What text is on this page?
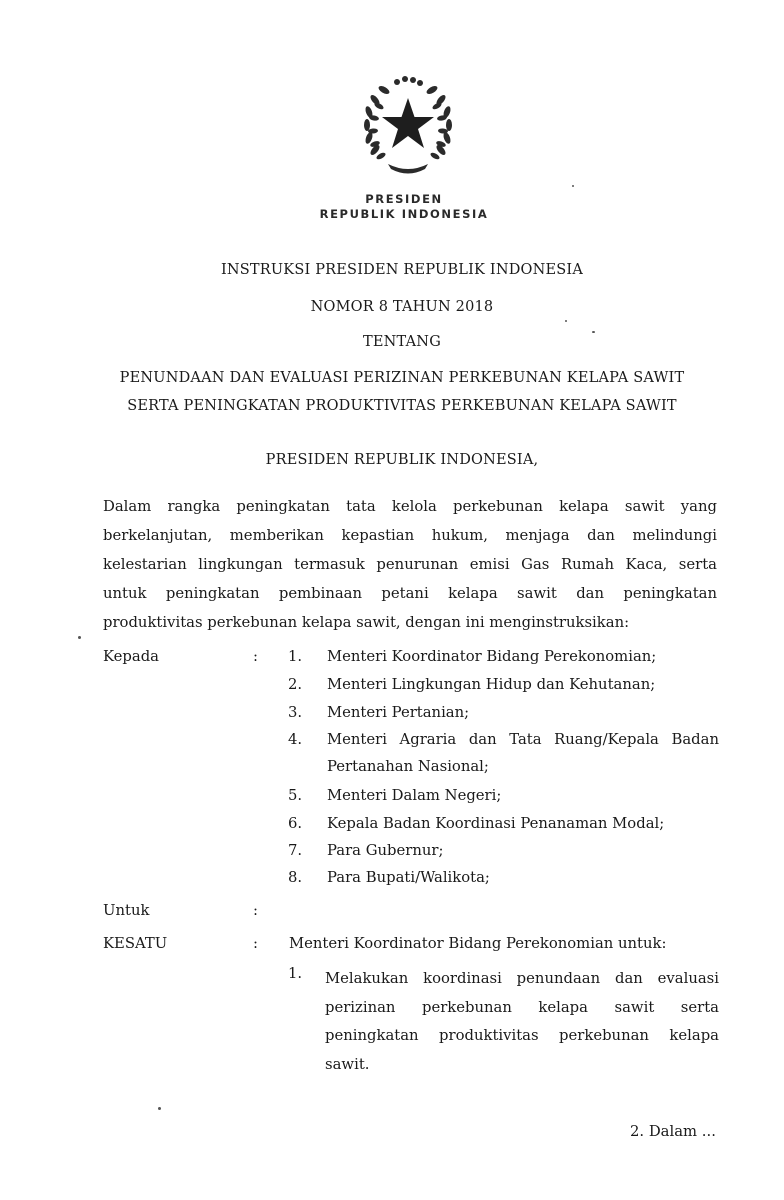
PRESIDEN
REPUBLIK INDONESIA
INSTRUKSI PRESIDEN REPUBLIK INDONESIA
NOMOR 8 TAHUN 2018
TENTANG
PENUNDAAN DAN EVALUASI PERIZINAN PERKEBUNAN KELAPA SAWIT
SERTA PENINGKATAN PRODUKTIVITAS PERKEBUNAN KELAPA SAWIT
PRESIDEN REPUBLIK INDONESIA,
Dalam rangka peningkatan tata kelola perkebunan kelapa sawit yang
berkelanjutan, memberikan kepastian hukum, menjaga dan melindungi
kelestarian lingkungan termasuk penurunan emisi Gas Rumah Kaca, serta
untuk peningkatan pembinaan petani kelapa sawit dan peningkatan
produktivitas perkebunan kelapa sawit, dengan ini menginstruksikan:
Kepada	: 1. Menteri Koordinator Bidang Perekonomian;
2. Menteri Lingkungan Hidup dan Kehutanan;
3. Menteri Pertanian;
4. Menteri Agraria dan Tata Ruang/Kepala Badan
Pertanahan Nasional;
5. Menteri Dalam Negeri;
6. Kepala Badan Koordinasi Penanaman Modal;
7. Para Gubernur;
8. Para Bupati/Walikota;
Untuk	:
KESATU	: Menteri Koordinator Bidang Perekonomian untuk:
1. Melakukan koordinasi penundaan dan evaluasi
perizinan perkebunan kelapa sawit serta
peningkatan produktivitas perkebunan kelapa
sawit.
2. Dalam ...
